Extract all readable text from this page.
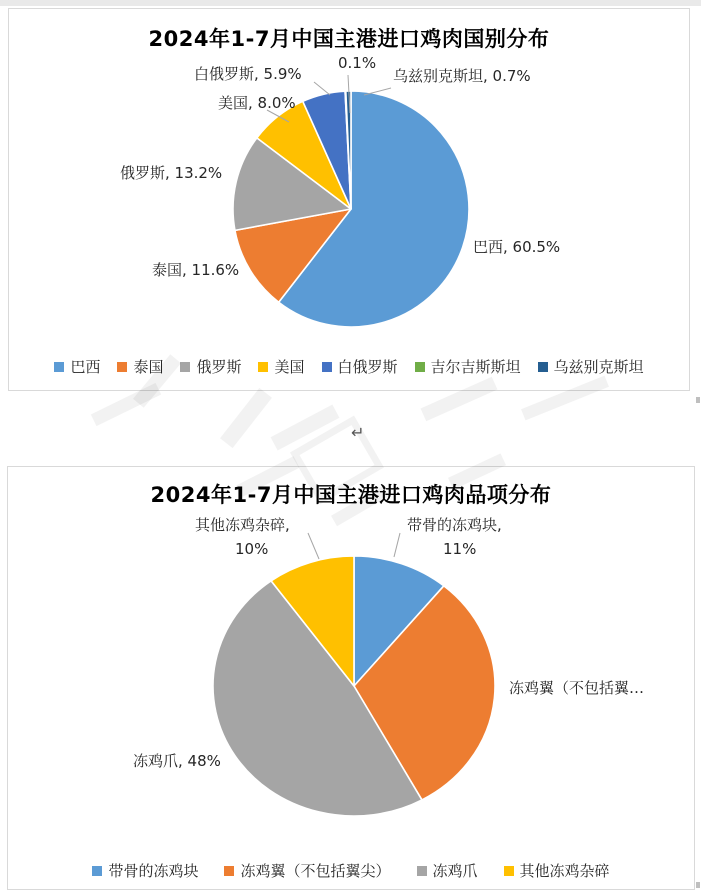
2024年1-7月中国主港进口鸡肉国别分布
白俄罗斯, 5.9%
0.1%
乌兹别克斯坦, 0.7%
美国, 8.0%
俄罗斯, 13.2%
泰国, 11.6%
巴西, 60.5%
巴西 泰国 俄罗斯 美国 白俄罗斯 吉尔吉斯斯坦 乌兹别克斯坦
↵
2024年1-7月中国主港进口鸡肉品项分布
其他冻鸡杂碎,
10%
带骨的冻鸡块,
11%
冻鸡翼（不包括翼…
冻鸡爪, 48%
带骨的冻鸡块	冻鸡翼（不包括翼尖）	冻鸡爪	其他冻鸡杂碎
